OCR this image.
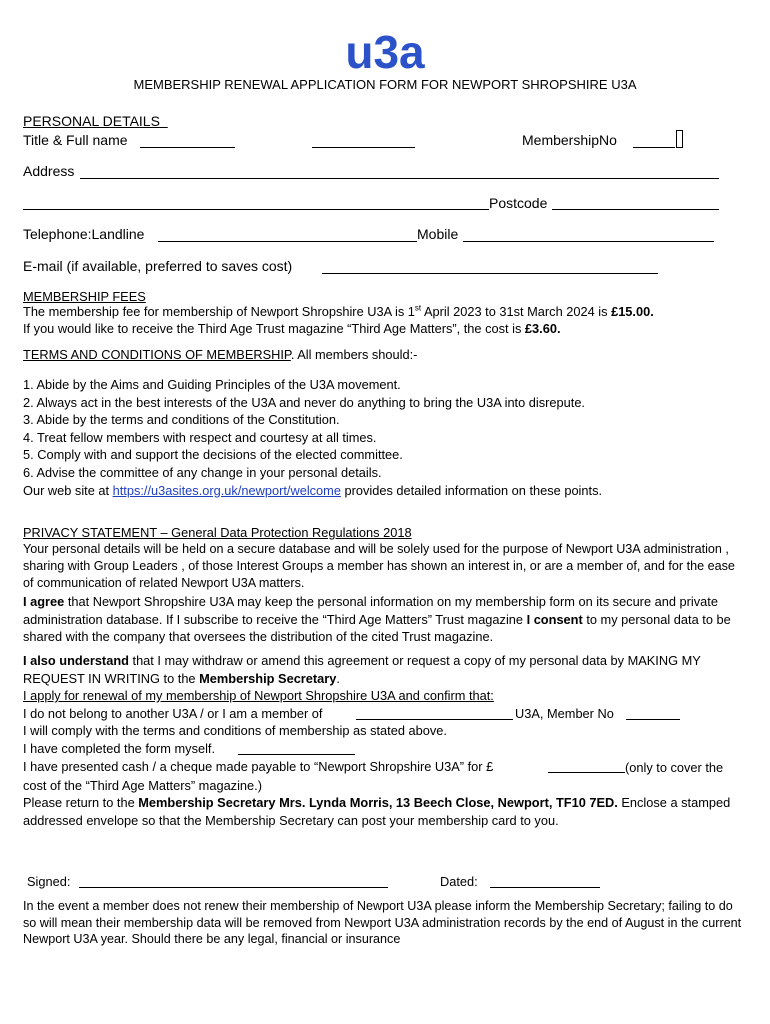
u3a
MEMBERSHIP RENEWAL APPLICATION FORM FOR NEWPORT SHROPSHIRE U3A
PERSONAL DETAILS
Title & Full name	MembershipNo
Address
Postcode
Telephone:Landline	Mobile
E-mail (if available, preferred to saves cost)
MEMBERSHIP FEES
The membership fee for membership of Newport Shropshire U3A is 1st April 2023 to 31st March 2024 is £15.00.
If you would like to receive the Third Age Trust magazine “Third Age Matters”, the cost is £3.60.
TERMS AND CONDITIONS OF MEMBERSHIP. All members should:-
1. Abide by the Aims and Guiding Principles of the U3A movement.
2. Always act in the best interests of the U3A and never do anything to bring the U3A into disrepute.
3. Abide by the terms and conditions of the Constitution.
4. Treat fellow members with respect and courtesy at all times.
5. Comply with and support the decisions of the elected committee.
6. Advise the committee of any change in your personal details.
Our web site at https://u3asites.org.uk/newport/welcome provides detailed information on these points.
PRIVACY STATEMENT – General Data Protection Regulations 2018
Your personal details will be held on a secure database and will be solely used for the purpose of Newport U3A administration , sharing with Group Leaders , of those Interest Groups a member has shown an interest in, or are a member of, and for the ease of communication of related Newport U3A matters.
I agree that Newport Shropshire U3A may keep the personal information on my membership form on its secure and private administration database. If I subscribe to receive the “Third Age Matters” Trust magazine I consent to my personal data to be shared with the company that oversees the distribution of the cited Trust magazine.
I also understand that I may withdraw or amend this agreement or request a copy of my personal data by MAKING MY REQUEST IN WRITING to the Membership Secretary.
I apply for renewal of my membership of Newport Shropshire U3A and confirm that:
I do not belong to another U3A / or I am a member of	U3A, Member No
I will comply with the terms and conditions of membership as stated above.
I have completed the form myself.
I have presented cash / a cheque made payable to “Newport Shropshire U3A” for £	(only to cover the cost of the “Third Age Matters” magazine.)
Please return to the Membership Secretary Mrs. Lynda Morris, 13 Beech Close, Newport, TF10 7ED. Enclose a stamped addressed envelope so that the Membership Secretary can post your membership card to you.
Signed:	Dated:
In the event a member does not renew their membership of Newport U3A please inform the Membership Secretary; failing to do so will mean their membership data will be removed from Newport U3A administration records by the end of August in the current Newport U3A year. Should there be any legal, financial or insurance
